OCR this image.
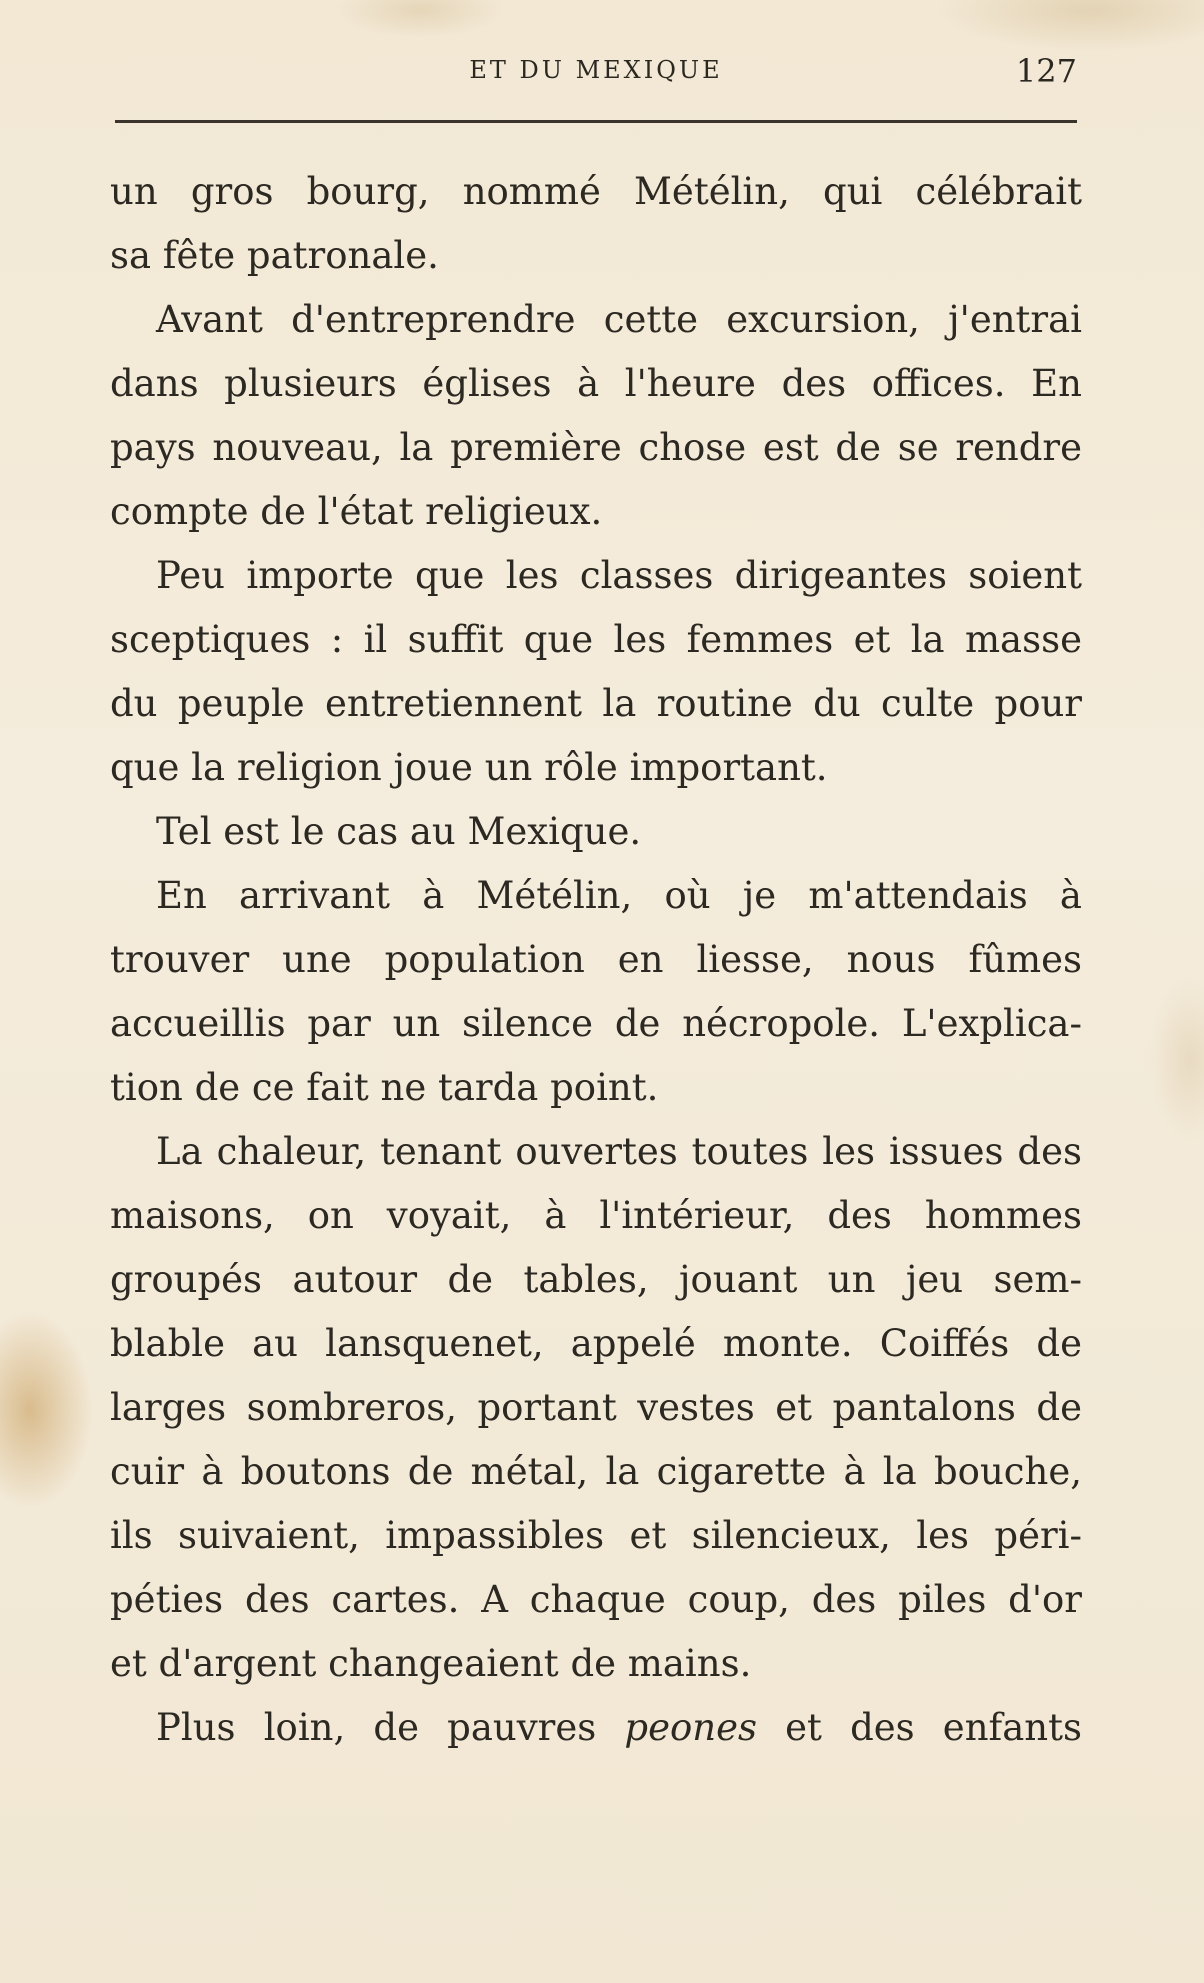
ET DU MEXIQUE	127
un gros bourg, nommé Métélin, qui célébrait
sa fête patronale.
Avant d'entreprendre cette excursion, j'entrai
dans plusieurs églises à l'heure des offices. En
pays nouveau, la première chose est de se rendre
compte de l'état religieux.
Peu importe que les classes dirigeantes soient
sceptiques : il suffit que les femmes et la masse
du peuple entretiennent la routine du culte pour
que la religion joue un rôle important.
Tel est le cas au Mexique.
En arrivant à Métélin, où je m'attendais à
trouver une population en liesse, nous fûmes
accueillis par un silence de nécropole. L'explica-
tion de ce fait ne tarda point.
La chaleur, tenant ouvertes toutes les issues des
maisons, on voyait, à l'intérieur, des hommes
groupés autour de tables, jouant un jeu sem-
blable au lansquenet, appelé monte. Coiffés de
larges sombreros, portant vestes et pantalons de
cuir à boutons de métal, la cigarette à la bouche,
ils suivaient, impassibles et silencieux, les péri-
péties des cartes. A chaque coup, des piles d'or
et d'argent changeaient de mains.
Plus loin, de pauvres peones et des enfants
